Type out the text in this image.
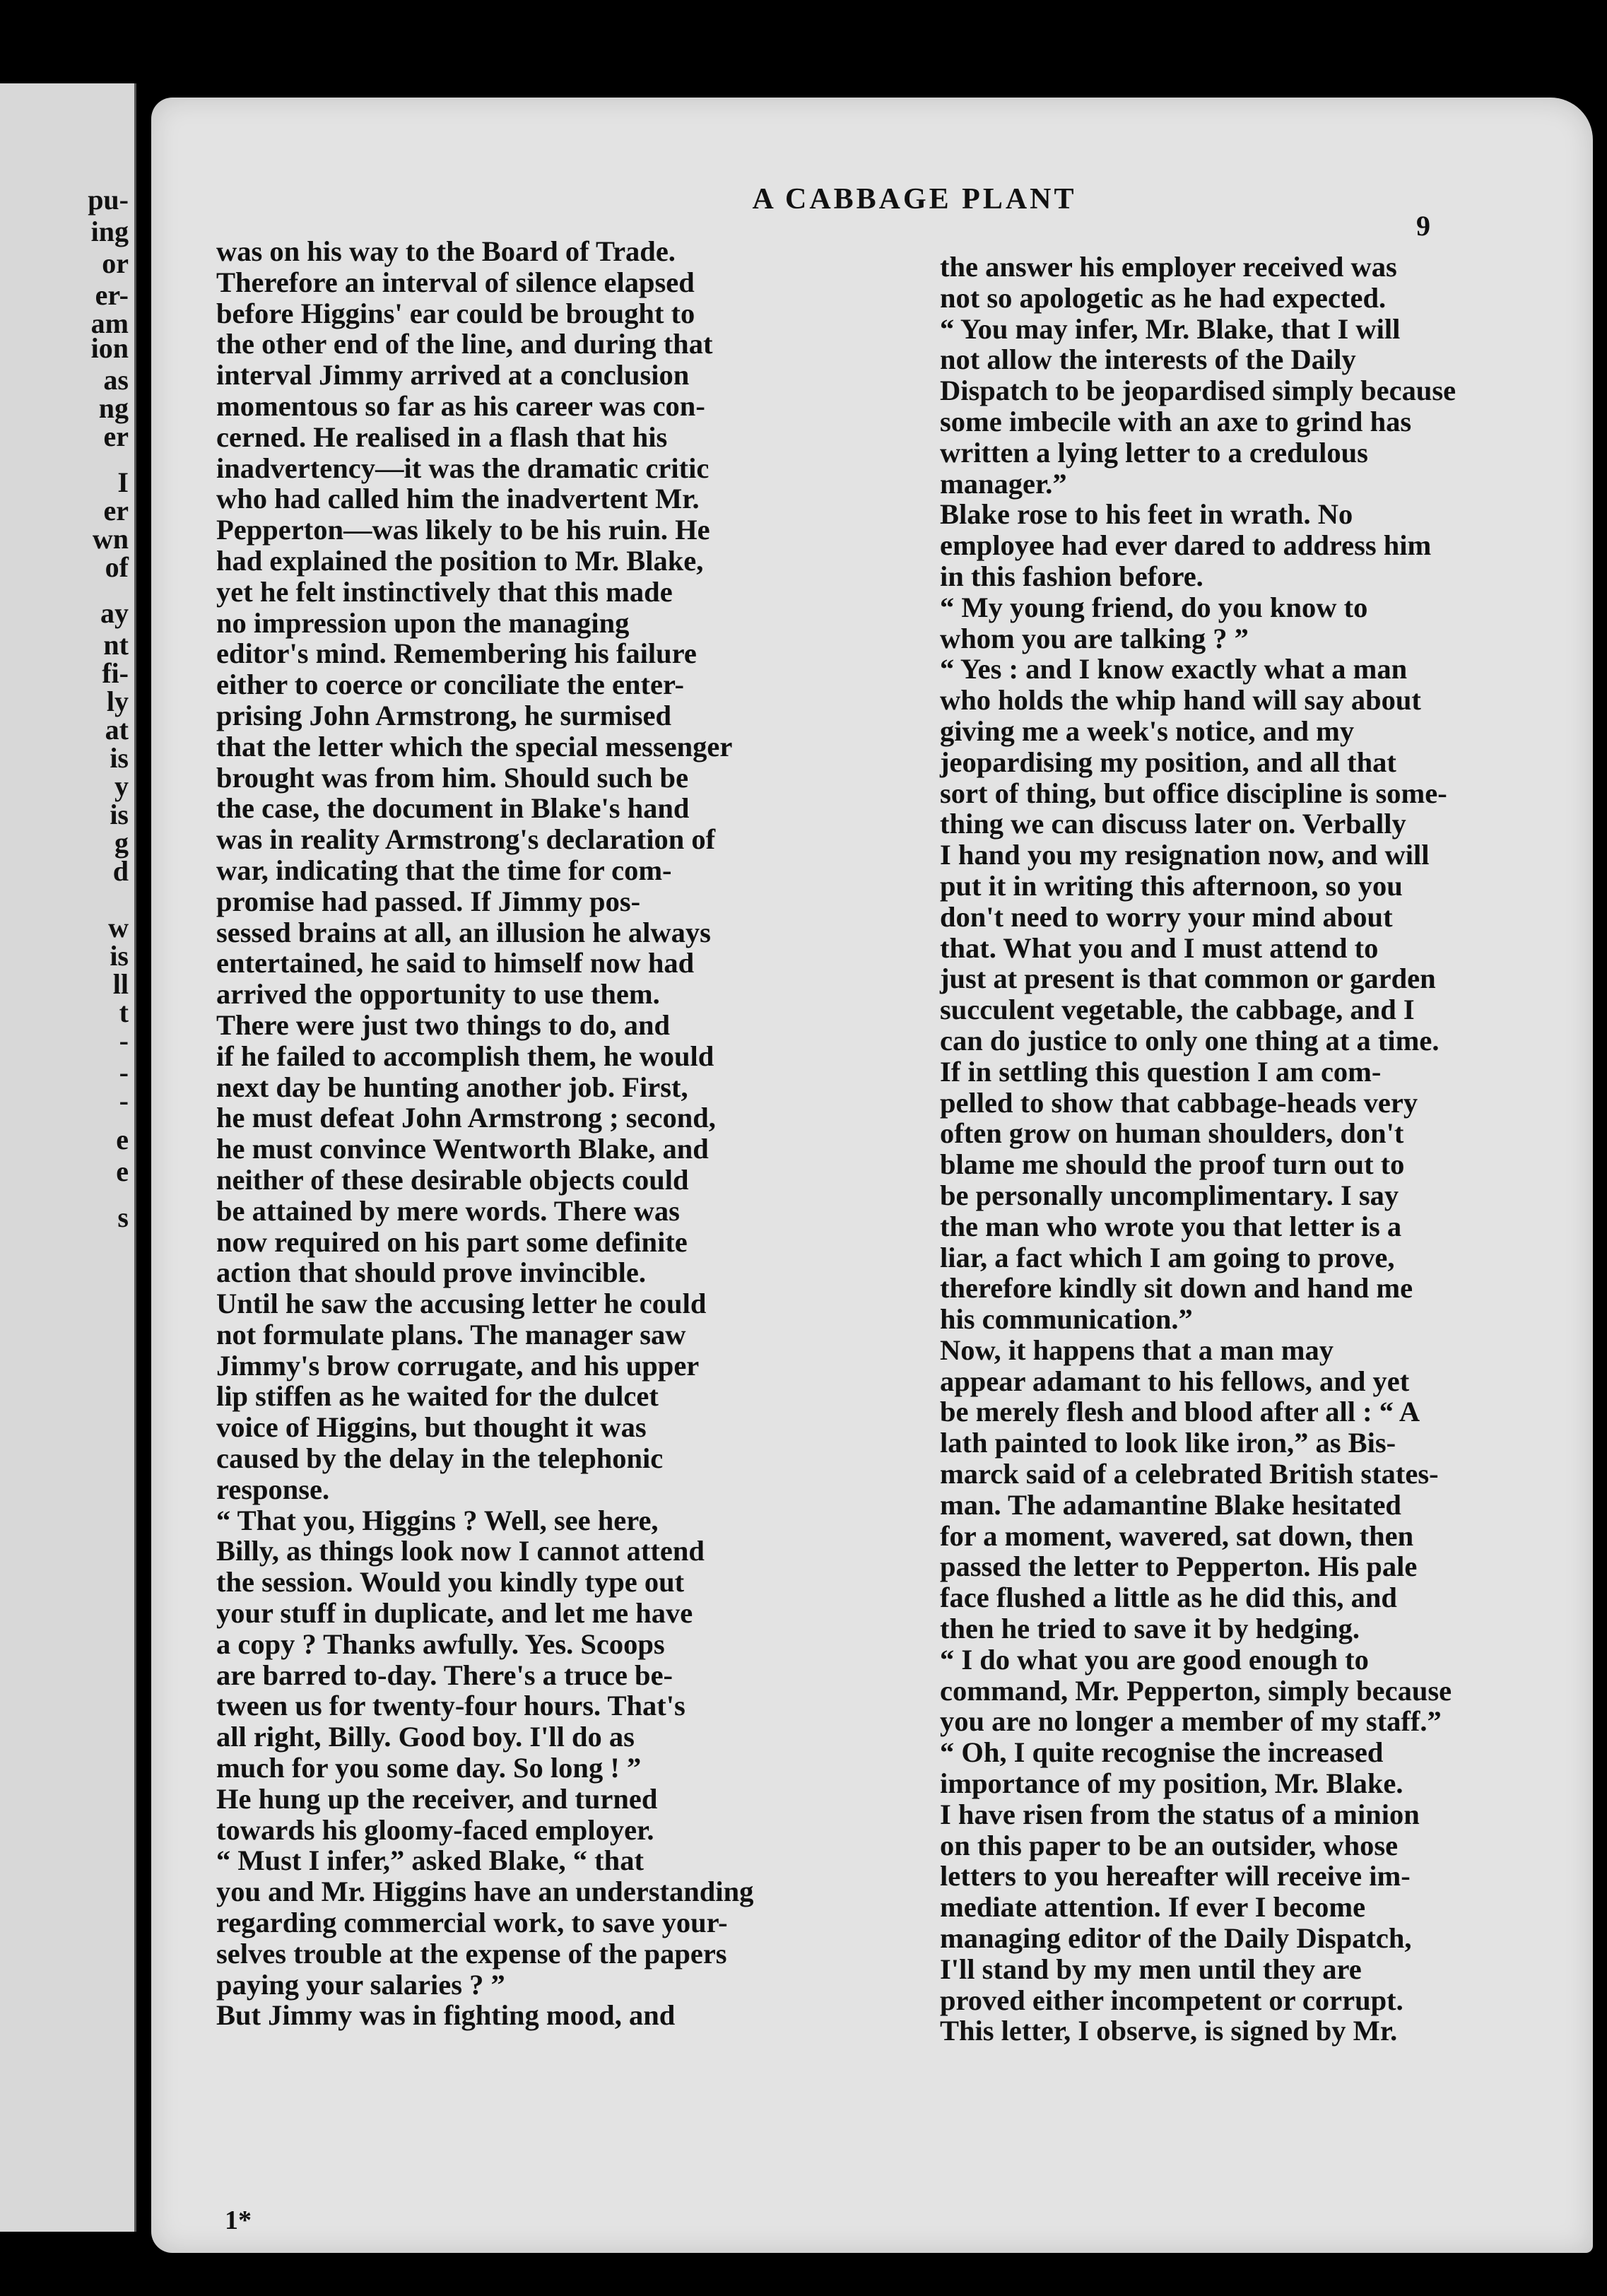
pu-
ing
or
er-
am
ion
as
ng
er
I
er
wn
of
ay
nt
fi-
ly
at
is
y
is
g
d
w
is
ll
t
-
-
-
e
e
s
A CABBAGE PLANT
9
was on his way to the Board of Trade.
Therefore an interval of silence elapsed
before Higgins' ear could be brought to
the other end of the line, and during that
interval Jimmy arrived at a conclusion
momentous so far as his career was con-
cerned. He realised in a flash that his
inadvertency—it was the dramatic critic
who had called him the inadvertent Mr.
Pepperton—was likely to be his ruin. He
had explained the position to Mr. Blake,
yet he felt instinctively that this made
no impression upon the managing
editor's mind. Remembering his failure
either to coerce or conciliate the enter-
prising John Armstrong, he surmised
that the letter which the special messenger
brought was from him. Should such be
the case, the document in Blake's hand
was in reality Armstrong's declaration of
war, indicating that the time for com-
promise had passed. If Jimmy pos-
sessed brains at all, an illusion he always
entertained, he said to himself now had
arrived the opportunity to use them.
There were just two things to do, and
if he failed to accomplish them, he would
next day be hunting another job. First,
he must defeat John Armstrong ; second,
he must convince Wentworth Blake, and
neither of these desirable objects could
be attained by mere words. There was
now required on his part some definite
action that should prove invincible.
Until he saw the accusing letter he could
not formulate plans. The manager saw
Jimmy's brow corrugate, and his upper
lip stiffen as he waited for the dulcet
voice of Higgins, but thought it was
caused by the delay in the telephonic
response.
“ That you, Higgins ? Well, see here,
Billy, as things look now I cannot attend
the session. Would you kindly type out
your stuff in duplicate, and let me have
a copy ? Thanks awfully. Yes. Scoops
are barred to-day. There's a truce be-
tween us for twenty-four hours. That's
all right, Billy. Good boy. I'll do as
much for you some day. So long ! ”
He hung up the receiver, and turned
towards his gloomy-faced employer.
“ Must I infer,” asked Blake, “ that
you and Mr. Higgins have an understanding
regarding commercial work, to save your-
selves trouble at the expense of the papers
paying your salaries ? ”
But Jimmy was in fighting mood, and
the answer his employer received was
not so apologetic as he had expected.
“ You may infer, Mr. Blake, that I will
not allow the interests of the Daily
Dispatch to be jeopardised simply because
some imbecile with an axe to grind has
written a lying letter to a credulous
manager.”
Blake rose to his feet in wrath. No
employee had ever dared to address him
in this fashion before.
“ My young friend, do you know to
whom you are talking ? ”
“ Yes : and I know exactly what a man
who holds the whip hand will say about
giving me a week's notice, and my
jeopardising my position, and all that
sort of thing, but office discipline is some-
thing we can discuss later on. Verbally
I hand you my resignation now, and will
put it in writing this afternoon, so you
don't need to worry your mind about
that. What you and I must attend to
just at present is that common or garden
succulent vegetable, the cabbage, and I
can do justice to only one thing at a time.
If in settling this question I am com-
pelled to show that cabbage-heads very
often grow on human shoulders, don't
blame me should the proof turn out to
be personally uncomplimentary. I say
the man who wrote you that letter is a
liar, a fact which I am going to prove,
therefore kindly sit down and hand me
his communication.”
Now, it happens that a man may
appear adamant to his fellows, and yet
be merely flesh and blood after all : “ A
lath painted to look like iron,” as Bis-
marck said of a celebrated British states-
man. The adamantine Blake hesitated
for a moment, wavered, sat down, then
passed the letter to Pepperton. His pale
face flushed a little as he did this, and
then he tried to save it by hedging.
“ I do what you are good enough to
command, Mr. Pepperton, simply because
you are no longer a member of my staff.”
“ Oh, I quite recognise the increased
importance of my position, Mr. Blake.
I have risen from the status of a minion
on this paper to be an outsider, whose
letters to you hereafter will receive im-
mediate attention. If ever I become
managing editor of the Daily Dispatch,
I'll stand by my men until they are
proved either incompetent or corrupt.
This letter, I observe, is signed by Mr.
1*
